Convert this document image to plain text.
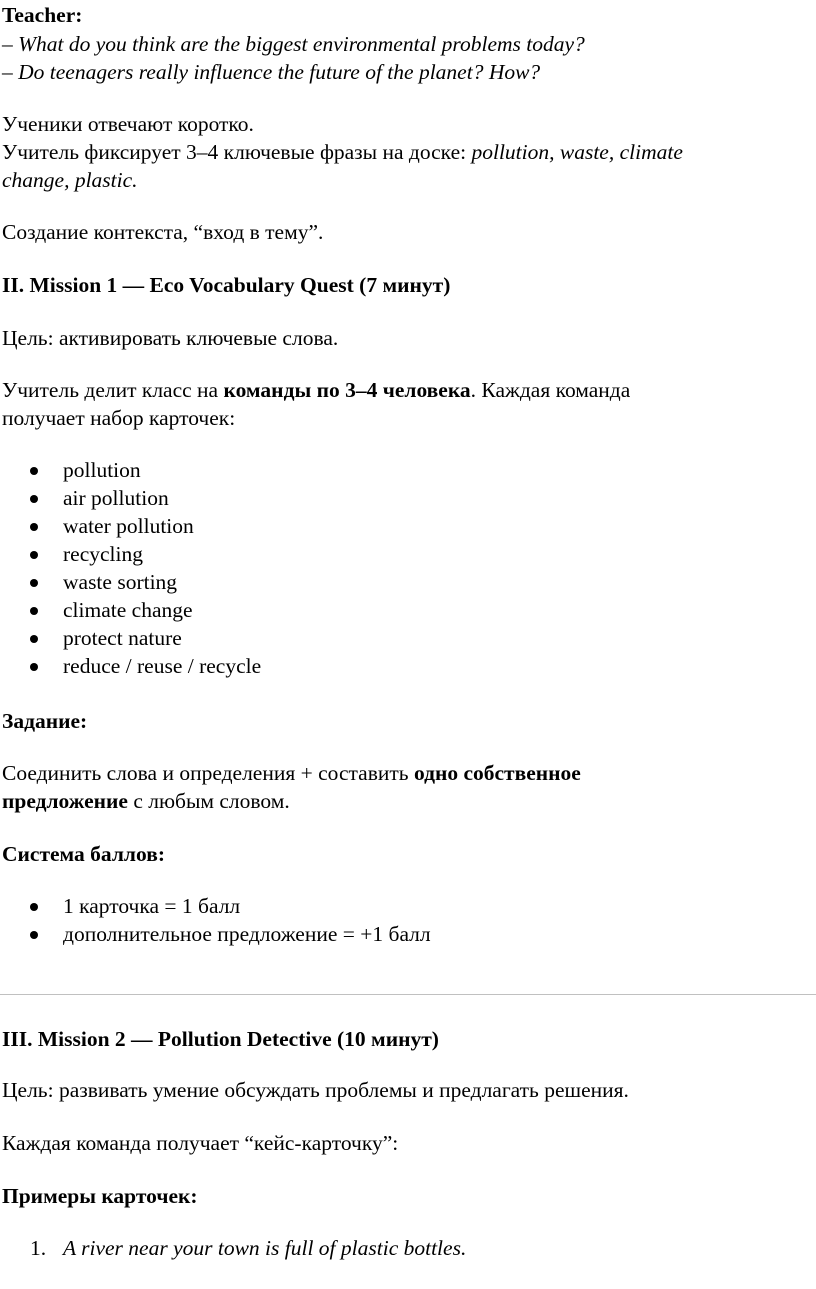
Teacher:

– What do you think are the biggest environmental problems today?

– Do teenagers really influence the future of the planet? How?

Ученики отвечают коротко.

Учитель фиксирует 3–4 ключевые фразы на доске: pollution, waste, climate

change, plastic.

Создание контекста, “вход в тему”.

II. Mission 1 — Eco Vocabulary Quest (7 минут)

Цель: активировать ключевые слова.

Учитель делит класс на команды по 3–4 человека. Каждая команда

получает набор карточек:

pollution
air pollution
water pollution
recycling
waste sorting
climate change
protect nature
reduce / reuse / recycle

Задание:

Соединить слова и определения + составить одно собственное

предложение с любым словом.

Система баллов:

1 карточка = 1 балл
дополнительное предложение = +1 балл

III. Mission 2 — Pollution Detective (10 минут)

Цель: развивать умение обсуждать проблемы и предлагать решения.

Каждая команда получает “кейс-карточку”:

Примеры карточек:

1. A river near your town is full of plastic bottles.
